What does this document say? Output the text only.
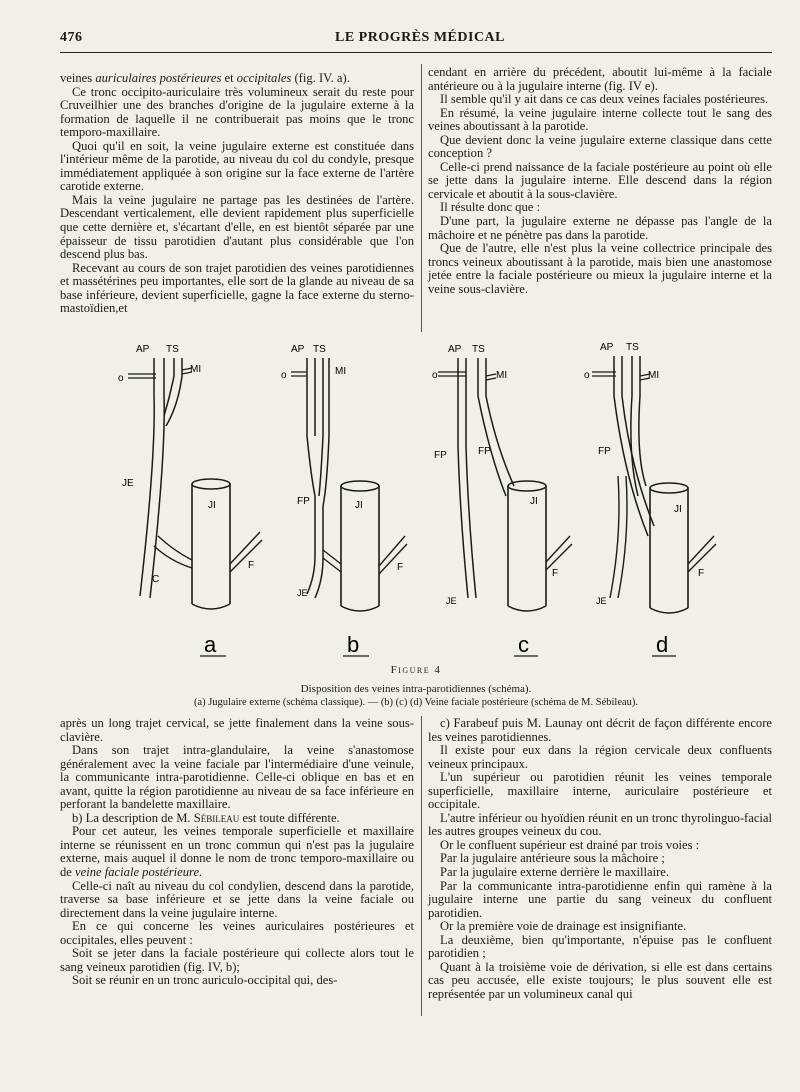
476	LE PROGRÈS MÉDICAL

veines auriculaires postérieures et occipitales (fig. IV. a).

Ce tronc occipito-auriculaire très volumineux serait du reste pour Cruveilhier une des branches d'origine de la jugulaire externe à la formation de laquelle il ne contribuerait pas moins que le tronc temporo-maxillaire.

Quoi qu'il en soit, la veine jugulaire externe est constituée dans l'intérieur même de la parotide, au niveau du col du condyle, presque immédiatement appliquée à son origine sur la face externe de l'artère carotide externe.

Mais la veine jugulaire ne partage pas les destinées de l'artère. Descendant verticalement, elle devient rapidement plus superficielle que cette dernière et, s'écartant d'elle, en est bientôt séparée par une épaisseur de tissu parotidien d'autant plus considérable que l'on descend plus bas.

Recevant au cours de son trajet parotidien des veines parotidiennes et massétérines peu importantes, elle sort de la glande au niveau de sa base inférieure, devient superficielle, gagne la face externe du sterno-mastoïdien,et

cendant en arrière du précédent, aboutit lui-même à la faciale antérieure ou à la jugulaire interne (fig. IV e).

Il semble qu'il y ait dans ce cas deux veines faciales postérieures.

En résumé, la veine jugulaire interne collecte tout le sang des veines aboutissant à la parotide.

Que devient donc la veine jugulaire externe classique dans cette conception ?

Celle-ci prend naissance de la faciale postérieure au point où elle se jette dans la jugulaire interne. Elle descend dans la région cervicale et aboutit à la sous-clavière.

Il résulte donc que :

D'une part, la jugulaire externe ne dépasse pas l'angle de la mâchoire et ne pénètre pas dans la parotide.

Que de l'autre, elle n'est plus la veine collectrice principale des troncs veineux aboutissant à la parotide, mais bien une anastomose jetée entre la faciale postérieure ou mieux la jugulaire interne et la veine sous-clavière.

AP TS
o
MI
JE
JI
C
F
a
AP TS
o	MI
FP	JI
JE
F
b
AP TS
o	MI
FP	FP
JI
JE
F
c
AP TS
o	MI
FP
JI
JE
F
d
Figure 4
Disposition des veines intra-parotidiennes (schéma).
(a) Jugulaire externe (schéma classique). — (b) (c) (d) Veine faciale postérieure (schéma de M. Sébileau).

après un long trajet cervical, se jette finalement dans la veine sous-clavière.

Dans son trajet intra-glandulaire, la veine s'anastomose généralement avec la veine faciale par l'intermédiaire d'une veinule, la communicante intra-parotidienne. Celle-ci oblique en bas et en avant, quitte la région parotidienne au niveau de sa face inférieure en perforant la bandelette maxillaire.

b) La description de M. Sébileau est toute différente.

Pour cet auteur, les veines temporale superficielle et maxillaire interne se réunissent en un tronc commun qui n'est pas la jugulaire externe, mais auquel il donne le nom de tronc temporo-maxillaire ou de veine faciale postérieure.

Celle-ci naît au niveau du col condylien, descend dans la parotide, traverse sa base inférieure et se jette dans la veine faciale ou directement dans la veine jugulaire interne.

En ce qui concerne les veines auriculaires postérieures et occipitales, elles peuvent :

Soit se jeter dans la faciale postérieure qui collecte alors tout le sang veineux parotidien (fig. IV, b);

Soit se réunir en un tronc auriculo-occipital qui, des-

c) Farabeuf puis M. Launay ont décrit de façon différente encore les veines parotidiennes.

Il existe pour eux dans la région cervicale deux confluents veineux principaux.

L'un supérieur ou parotidien réunit les veines temporale superficielle, maxillaire interne, auriculaire postérieure et occipitale.

L'autre inférieur ou hyoïdien réunit en un tronc thyrolinguo-facial les autres groupes veineux du cou.

Or le confluent supérieur est drainé par trois voies :

Par la jugulaire antérieure sous la mâchoire ;

Par la jugulaire externe derrière le maxillaire.

Par la communicante intra-parotidienne enfin qui ramène à la jugulaire interne une partie du sang veineux du confluent parotidien.

Or la première voie de drainage est insignifiante.

La deuxième, bien qu'importante, n'épuise pas le confluent parotidien ;

Quant à la troisième voie de dérivation, si elle est dans certains cas peu accusée, elle existe toujours; le plus souvent elle est représentée par un volumineux canal qui
